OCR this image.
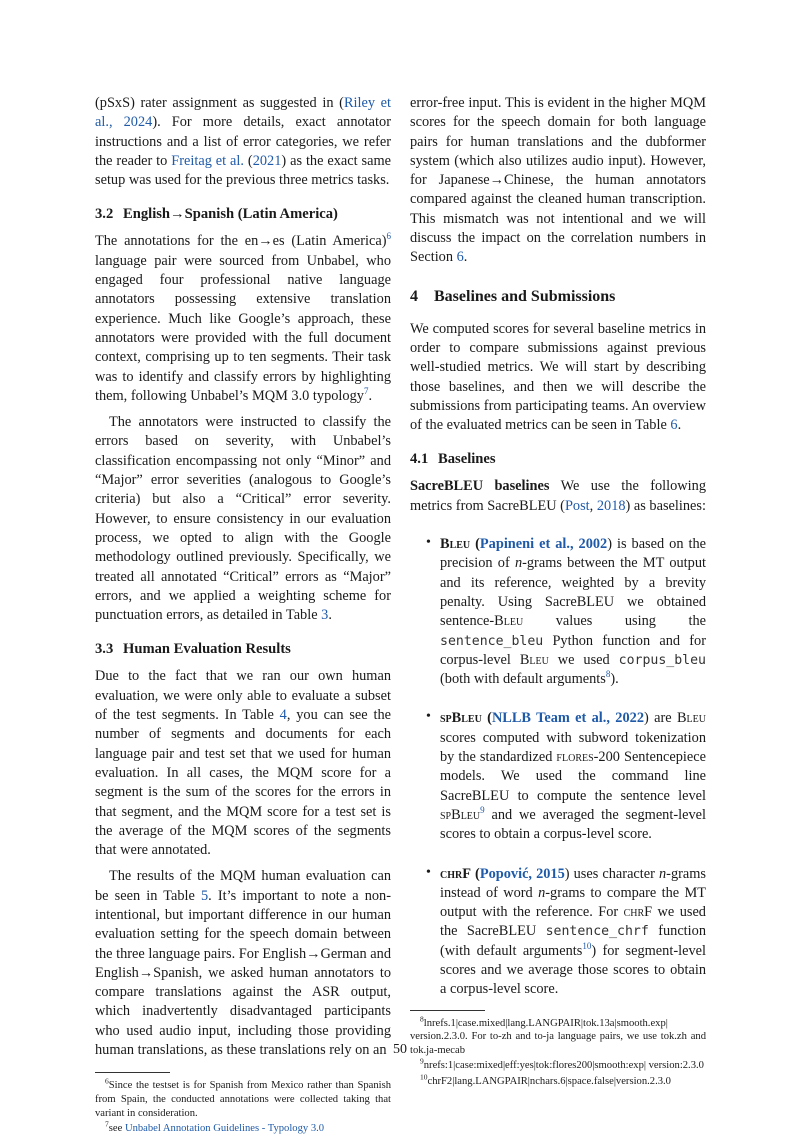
(pSxS) rater assignment as suggested in (Riley et al., 2024). For more details, exact annotator instructions and a list of error categories, we refer the reader to Freitag et al. (2021) as the exact same setup was used for the previous three metrics tasks.

3.2 English→Spanish (Latin America)

The annotations for the en→es (Latin America)$^6$ language pair were sourced from Unbabel, who engaged four professional native language annotators possessing extensive translation experience. Much like Google’s approach, these annotators were provided with the full document context, comprising up to ten segments. Their task was to identify and classify errors by highlighting them, following Unbabel’s MQM 3.0 typology$^7$.

The annotators were instructed to classify the errors based on severity, with Unbabel’s classification encompassing not only “Minor” and “Major” error severities (analogous to Google’s criteria) but also a “Critical” error severity. However, to ensure consistency in our evaluation process, we opted to align with the Google methodology outlined previously. Specifically, we treated all annotated “Critical” errors as “Major” errors, and we applied a weighting scheme for punctuation errors, as detailed in Table 3.

3.3 Human Evaluation Results

Due to the fact that we ran our own human evaluation, we were only able to evaluate a subset of the test segments. In Table 4, you can see the number of segments and documents for each language pair and test set that we used for human evaluation. In all cases, the MQM score for a segment is the sum of the scores for the errors in that segment, and the MQM score for a test set is the average of the MQM scores of the segments that were annotated.

The results of the MQM human evaluation can be seen in Table 5. It’s important to note a non-intentional, but important difference in our human evaluation setting for the speech domain between the three language pairs. For English→German and English→Spanish, we asked human annotators to compare translations against the ASR output, which inadvertently disadvantaged participants who used audio input, including those providing human translations, as these translations rely on an

$^6$Since the testset is for Spanish from Mexico rather than Spanish from Spain, the conducted annotations were collected taking that variant in consideration.

$^7$see Unbabel Annotation Guidelines - Typology 3.0

error-free input. This is evident in the higher MQM scores for the speech domain for both language pairs for human translations and the dubformer system (which also utilizes audio input). However, for Japanese→Chinese, the human annotators compared against the cleaned human transcription. This mismatch was not intentional and we will discuss the impact on the correlation numbers in Section 6.

4 Baselines and Submissions

We computed scores for several baseline metrics in order to compare submissions against previous well-studied metrics. We will start by describing those baselines, and then we will describe the submissions from participating teams. An overview of the evaluated metrics can be seen in Table 6.

4.1 Baselines

SacreBLEU baselines We use the following metrics from SacreBLEU (Post, 2018) as baselines:

• Bleu (Papineni et al., 2002) is based on the precision of n-grams between the MT output and its reference, weighted by a brevity penalty. Using SacreBLEU we obtained sentence-Bleu values using the sentence_bleu Python function and for corpus-level Bleu we used corpus_bleu (both with default arguments$^8$).

• spBleu (NLLB Team et al., 2022) are Bleu scores computed with subword tokenization by the standardized flores-200 Sentencepiece models. We used the command line SacreBLEU to compute the sentence level spBleu$^9$ and we averaged the segment-level scores to obtain a corpus-level score.

• chrF (Popović, 2015) uses character n-grams instead of word n-grams to compare the MT output with the reference. For chrF we used the SacreBLEU sentence_chrf function (with default arguments$^{10}$) for segment-level scores and we average those scores to obtain a corpus-level score.

$^8$lnrefs.1|case.mixed|lang.LANGPAIR|tok.13a|smooth.exp| version.2.3.0. For to-zh and to-ja language pairs, we use tok.zh and tok.ja-mecab

$^9$nrefs:1|case:mixed|eff:yes|tok:flores200|smooth:exp| version:2.3.0

$^{10}$chrF2|lang.LANGPAIR|nchars.6|space.false|version.2.3.0

50
